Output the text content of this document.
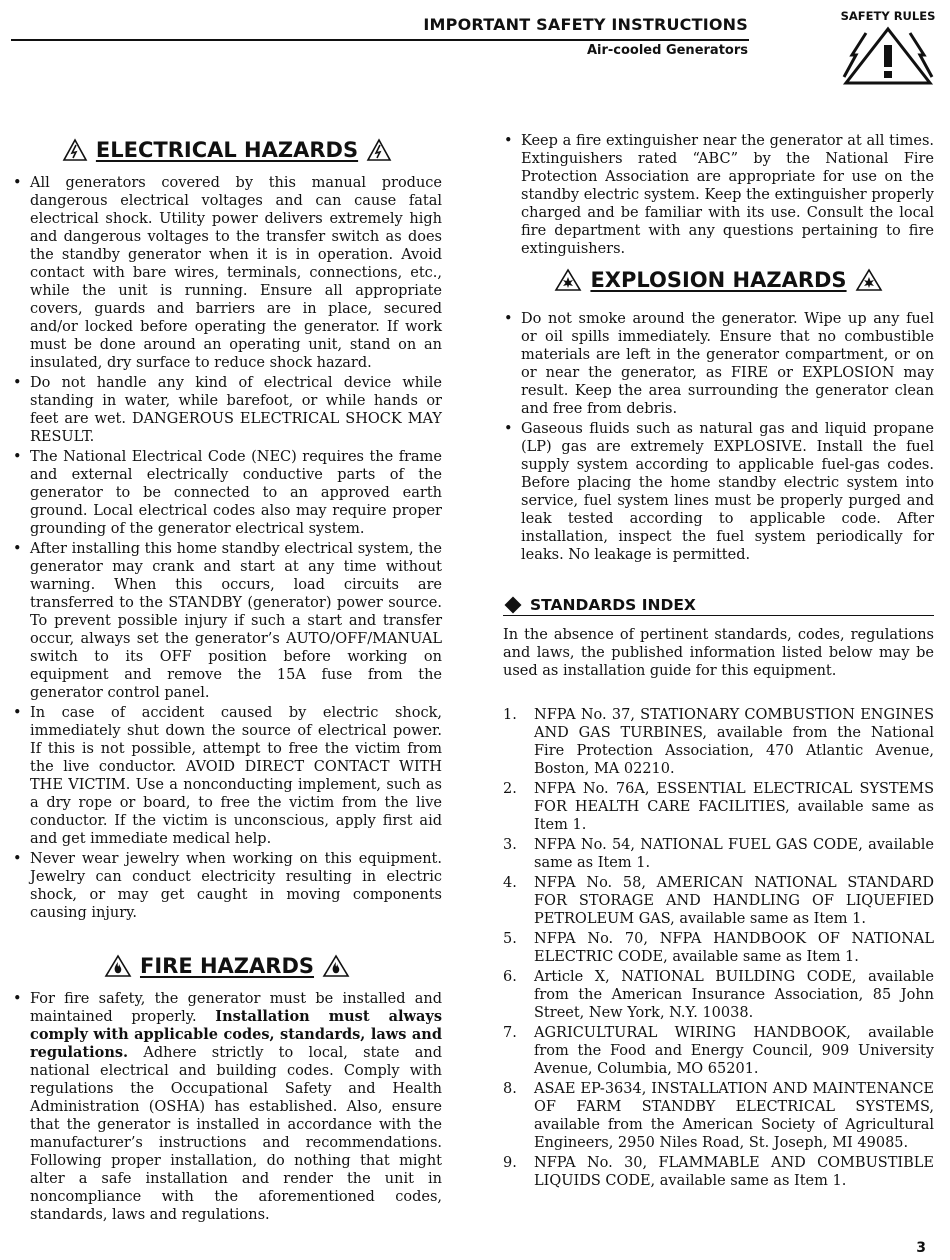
IMPORTANT SAFETY INSTRUCTIONS
Air-cooled Generators
SAFETY RULES
ELECTRICAL HAZARDS
• All generators covered by this manual produce dangerous electrical voltages and can cause fatal electrical shock. Utility power delivers extremely high and dangerous voltages to the transfer switch as does the standby generator when it is in operation. Avoid contact with bare wires, terminals, connections, etc., while the unit is running. Ensure all appropriate covers, guards and barriers are in place, secured and/or locked before operating the generator. If work must be done around an operating unit, stand on an insulated, dry surface to reduce shock hazard.
• Do not handle any kind of electrical device while standing in water, while barefoot, or while hands or feet are wet. DANGEROUS ELECTRICAL SHOCK MAY RESULT.
• The National Electrical Code (NEC) requires the frame and external electrically conductive parts of the generator to be connected to an approved earth ground. Local electrical codes also may require proper grounding of the generator electrical system.
• After installing this home standby electrical system, the generator may crank and start at any time without warning. When this occurs, load circuits are transferred to the STANDBY (generator) power source. To prevent possible injury if such a start and transfer occur, always set the generator’s AUTO/OFF/MANUAL switch to its OFF position before working on equipment and remove the 15A fuse from the generator control panel.
• In case of accident caused by electric shock, immediately shut down the source of electrical power. If this is not possible, attempt to free the victim from the live conductor. AVOID DIRECT CONTACT WITH THE VICTIM. Use a nonconducting implement, such as a dry rope or board, to free the victim from the live conductor. If the victim is unconscious, apply first aid and get immediate medical help.
• Never wear jewelry when working on this equipment. Jewelry can conduct electricity resulting in electric shock, or may get caught in moving components causing injury.
FIRE HAZARDS
• For fire safety, the generator must be installed and maintained properly. Installation must always comply with applicable codes, standards, laws and regulations. Adhere strictly to local, state and national electrical and building codes. Comply with regulations the Occupational Safety and Health Administration (OSHA) has established. Also, ensure that the generator is installed in accordance with the manufacturer’s instructions and recommendations. Following proper installation, do nothing that might alter a safe installation and render the unit in noncompliance with the aforementioned codes, standards, laws and regulations.
• Keep a fire extinguisher near the generator at all times. Extinguishers rated “ABC” by the National Fire Protection Association are appropriate for use on the standby electric system. Keep the extinguisher properly charged and be familiar with its use. Consult the local fire department with any questions pertaining to fire extinguishers.
EXPLOSION HAZARDS
• Do not smoke around the generator. Wipe up any fuel or oil spills immediately. Ensure that no combustible materials are left in the generator compartment, or on or near the generator, as FIRE or EXPLOSION may result. Keep the area surrounding the generator clean and free from debris.
• Gaseous fluids such as natural gas and liquid propane (LP) gas are extremely EXPLOSIVE. Install the fuel supply system according to applicable fuel-gas codes. Before placing the home standby electric system into service, fuel system lines must be properly purged and leak tested according to applicable code. After installation, inspect the fuel system periodically for leaks. No leakage is permitted.
STANDARDS INDEX
In the absence of pertinent standards, codes, regulations and laws, the published information listed below may be used as installation guide for this equipment.
1. NFPA No. 37, STATIONARY COMBUSTION ENGINES AND GAS TURBINES, available from the National Fire Protection Association, 470 Atlantic Avenue, Boston, MA 02210.
2. NFPA No. 76A, ESSENTIAL ELECTRICAL SYSTEMS FOR HEALTH CARE FACILITIES, available same as Item 1.
3. NFPA No. 54, NATIONAL FUEL GAS CODE, available same as Item 1.
4. NFPA No. 58, AMERICAN NATIONAL STANDARD FOR STORAGE AND HANDLING OF LIQUEFIED PETROLEUM GAS, available same as Item 1.
5. NFPA No. 70, NFPA HANDBOOK OF NATIONAL ELECTRIC CODE, available same as Item 1.
6. Article X, NATIONAL BUILDING CODE, available from the American Insurance Association, 85 John Street, New York, N.Y. 10038.
7. AGRICULTURAL WIRING HANDBOOK, available from the Food and Energy Council, 909 University Avenue, Columbia, MO 65201.
8. ASAE EP-3634, INSTALLATION AND MAINTENANCE OF FARM STANDBY ELECTRICAL SYSTEMS, available from the American Society of Agricultural Engineers, 2950 Niles Road, St. Joseph, MI 49085.
9. NFPA No. 30, FLAMMABLE AND COMBUSTIBLE LIQUIDS CODE, available same as Item 1.
3
